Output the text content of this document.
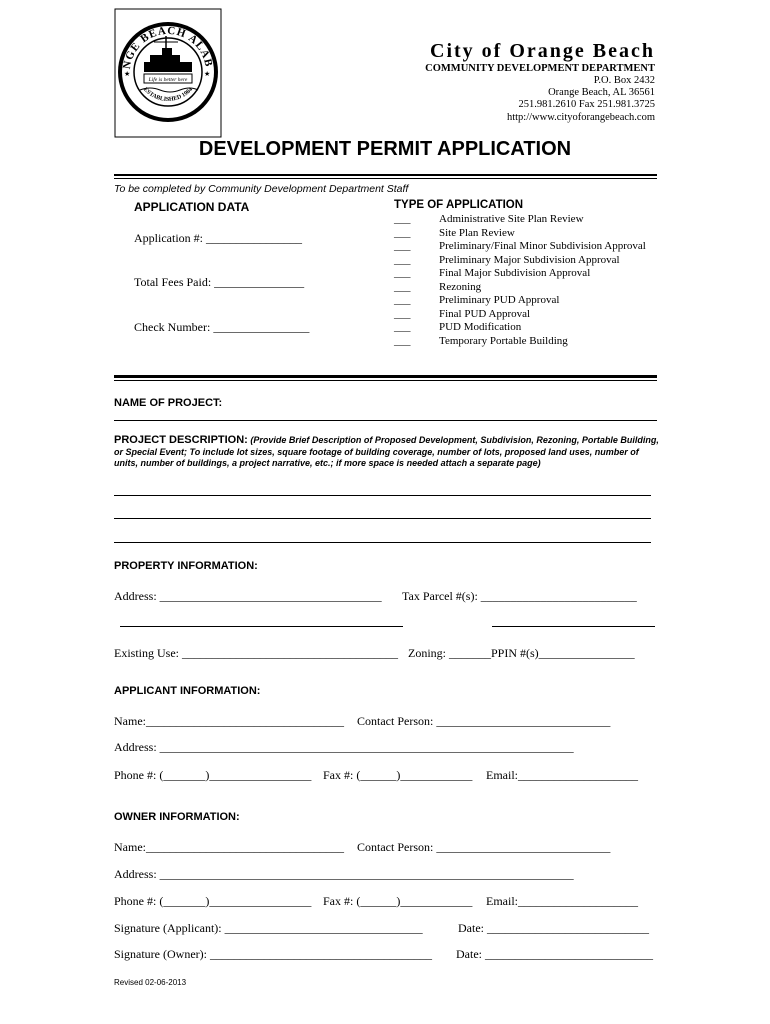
NGE BEACH ALAB
ESTABLISHED 1984
Life is better here
★	★
City of Orange Beach
COMMUNITY DEVELOPMENT DEPARTMENT
P.O. Box 2432
Orange Beach, AL 36561
251.981.2610 Fax 251.981.3725
http://www.cityoforangebeach.com
DEVELOPMENT PERMIT APPLICATION
To be completed by Community Development Department Staff
APPLICATION DATA
Application #: ________________
Total Fees Paid: _______________
Check Number: ________________
TYPE OF APPLICATION
___	Administrative Site Plan Review
___	Site Plan Review
___	Preliminary/Final Minor Subdivision Approval
___	Preliminary Major Subdivision Approval
___	Final Major Subdivision Approval
___	Rezoning
___	Preliminary PUD Approval
___	Final PUD Approval
___	PUD Modification
___	Temporary Portable Building
NAME OF PROJECT:
PROJECT DESCRIPTION: (Provide Brief Description of Proposed Development, Subdivision, Rezoning, Portable Building, or Special Event; To include lot sizes, square footage of building coverage, number of lots, proposed land uses, number of units, number of buildings, a project narrative, etc.; if more space is needed attach a separate page)
PROPERTY INFORMATION:
Address: _____________________________________ Tax Parcel #(s): __________________________
Existing Use: ____________________________________ Zoning: _______PPIN #(s)________________
APPLICANT INFORMATION:
Name:_________________________________ Contact Person: _____________________________
Address: _____________________________________________________________________
Phone #: (_______)_________________ Fax #: (______)____________ Email:____________________
OWNER INFORMATION:
Name:_________________________________ Contact Person: _____________________________
Address: _____________________________________________________________________
Phone #: (_______)_________________ Fax #: (______)____________ Email:____________________
Signature (Applicant): _________________________________	Date: ___________________________
Signature (Owner): _____________________________________ Date: ____________________________
Revised 02-06-2013
